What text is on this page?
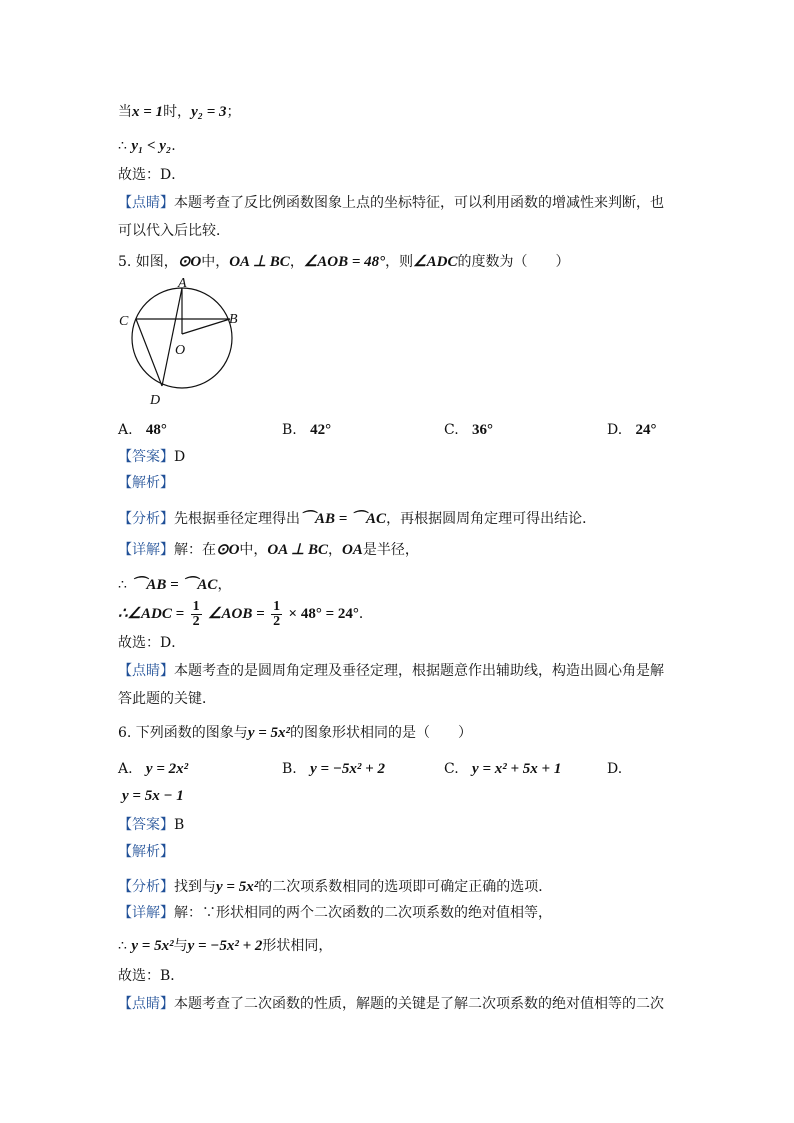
当x = 1时，y₂ = 3；
∴ y₁ < y₂.
故选：D．
【点睛】本题考查了反比例函数图象上点的坐标特征，可以利用函数的增减性来判断，也
可以代入后比较．
5. 如图，⊙O中，OA ⊥ BC，∠AOB = 48°，则∠ADC的度数为（　　）
A
B
C
O
D
A. 48°	B. 42°	C. 36°	D. 24°
【答案】D
【解析】
【分析】先根据垂径定理得出⌒AB = ⌒AC，再根据圆周角定理可得出结论．
【详解】解：在⊙O中，OA ⊥ BC，OA是半径，
∴ ⌒AB = ⌒AC，
∴∠ADC = $\frac{1}{2}$ ∠AOB = $\frac{1}{2} \times 48^\circ = 24^\circ$．
故选：D．
【点睛】本题考查的是圆周角定理及垂径定理，根据题意作出辅助线，构造出圆心角是解
答此题的关键．
6. 下列函数的图象与y = 5x²的图象形状相同的是（　　）
A. y = 2x²	B. y = −5x² + 2	C. y = x² + 5x + 1	D.
y = 5x − 1
【答案】B
【解析】
【分析】找到与y = 5x²的二次项系数相同的选项即可确定正确的选项．
【详解】解：∵形状相同的两个二次函数的二次项系数的绝对值相等，
∴ y = 5x²与y = −5x² + 2形状相同，
故选：B．
【点睛】本题考查了二次函数的性质，解题的关键是了解二次项系数的绝对值相等的二次
